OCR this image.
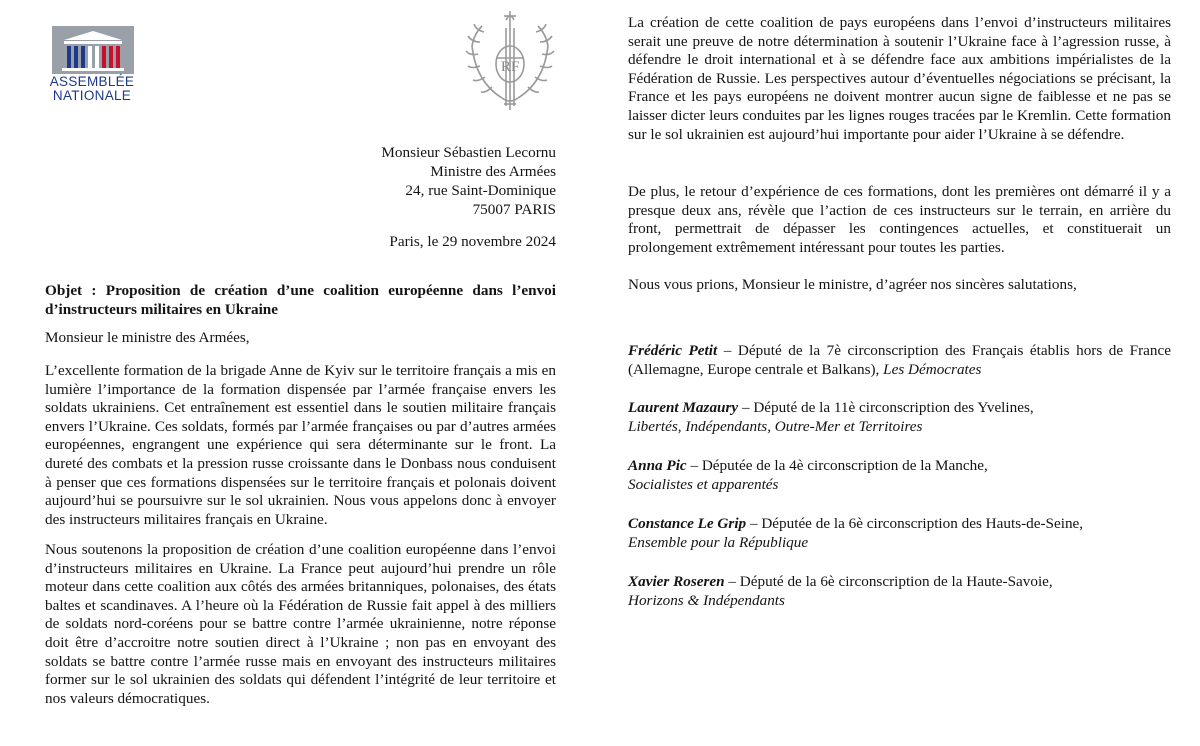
ASSEMBLÉE
NATIONALE
RF
Monsieur Sébastien Lecornu
Ministre des Armées
24, rue Saint-Dominique
75007 PARIS
Paris, le 29 novembre 2024
Objet : Proposition de création d’une coalition européenne dans l’envoi d’instructeurs militaires en Ukraine
Monsieur le ministre des Armées,
L’excellente formation de la brigade Anne de Kyiv sur le territoire français a mis en lumière l’importance de la formation dispensée par l’armée française envers les soldats ukrainiens. Cet entraînement est essentiel dans le soutien militaire français envers l’Ukraine. Ces soldats, formés par l’armée françaises ou par d’autres armées européennes, engrangent une expérience qui sera déterminante sur le front. La dureté des combats et la pression russe croissante dans le Donbass nous conduisent à penser que ces formations dispensées sur le territoire français et polonais doivent aujourd’hui se poursuivre sur le sol ukrainien. Nous vous appelons donc à envoyer des instructeurs militaires français en Ukraine.
Nous soutenons la proposition de création d’une coalition européenne dans l’envoi d’instructeurs militaires en Ukraine. La France peut aujourd’hui prendre un rôle moteur dans cette coalition aux côtés des armées britanniques, polonaises, des états baltes et scandinaves. A l’heure où la Fédération de Russie fait appel à des milliers de soldats nord-coréens pour se battre contre l’armée ukrainienne, notre réponse doit être d’accroitre notre soutien direct à l’Ukraine ; non pas en envoyant des soldats se battre contre l’armée russe mais en envoyant des instructeurs militaires former sur le sol ukrainien des soldats qui défendent l’intégrité de leur territoire et nos valeurs démocratiques.
La création de cette coalition de pays européens dans l’envoi d’instructeurs militaires serait une preuve de notre détermination à soutenir l’Ukraine face à l’agression russe, à défendre le droit international et à se défendre face aux ambitions impérialistes de la Fédération de Russie. Les perspectives autour d’éventuelles négociations se précisant, la France et les pays européens ne doivent montrer aucun signe de faiblesse et ne pas se laisser dicter leurs conduites par les lignes rouges tracées par le Kremlin. Cette formation sur le sol ukrainien est aujourd’hui importante pour aider l’Ukraine à se défendre.
De plus, le retour d’expérience de ces formations, dont les premières ont démarré il y a presque deux ans, révèle que l’action de ces instructeurs sur le terrain, en arrière du front, permettrait de dépasser les contingences actuelles, et constituerait un prolongement extrêmement intéressant pour toutes les parties.
Nous vous prions, Monsieur le ministre, d’agréer nos sincères salutations,
Frédéric Petit – Député de la 7è circonscription des Français établis hors de France (Allemagne, Europe centrale et Balkans), Les Démocrates
Laurent Mazaury – Député de la 11è circonscription des Yvelines,
Libertés, Indépendants, Outre-Mer et Territoires
Anna Pic – Députée de la 4è circonscription de la Manche,
Socialistes et apparentés
Constance Le Grip – Députée de la 6è circonscription des Hauts-de-Seine,
Ensemble pour la République
Xavier Roseren – Député de la 6è circonscription de la Haute-Savoie,
Horizons & Indépendants
